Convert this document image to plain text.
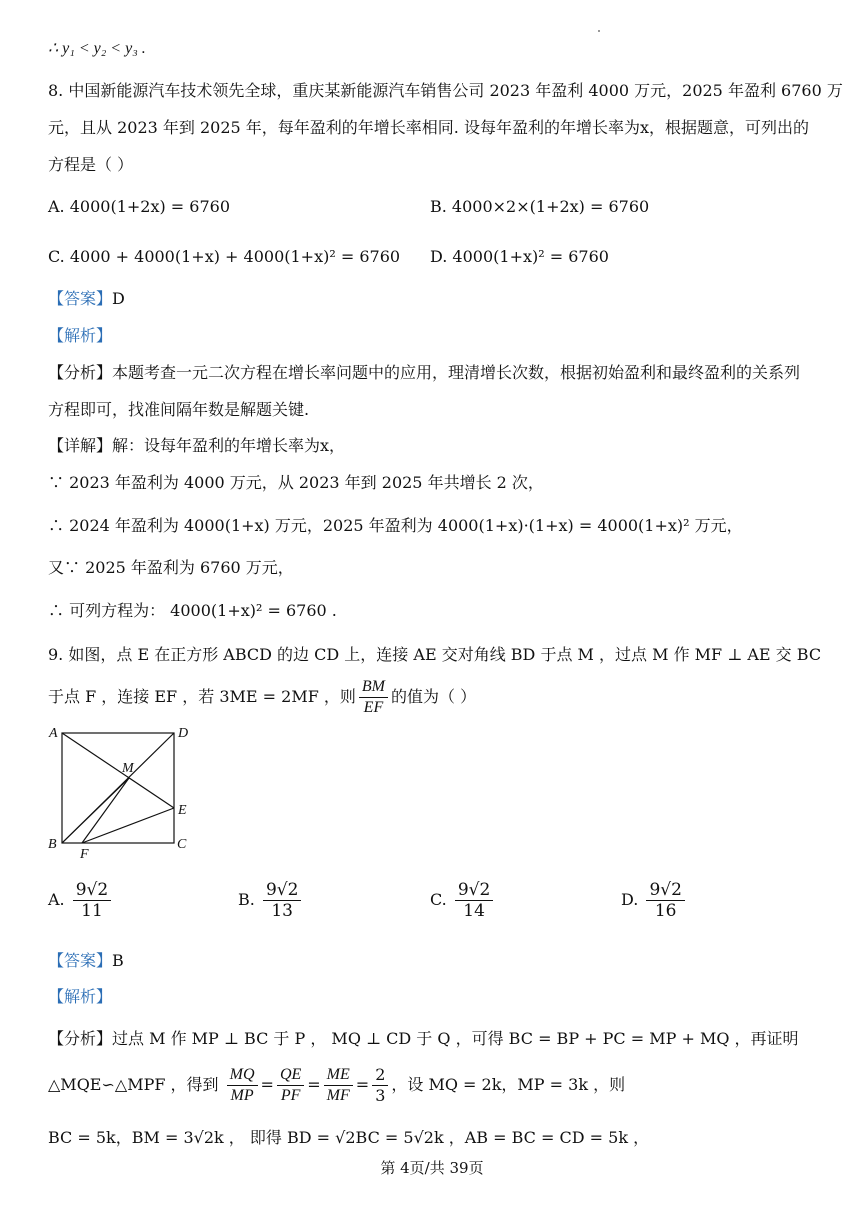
∴ y₁ < y₂ < y₃ .
8. 中国新能源汽车技术领先全球，重庆某新能源汽车销售公司 2023 年盈利 4000 万元，2025 年盈利 6760 万
元，且从 2023 年到 2025 年，每年盈利的年增长率相同. 设每年盈利的年增长率为x，根据题意，可列出的
方程是（ ）
A. 4000(1+2x) = 6760	B. 4000×2×(1+2x) = 6760
C. 4000 + 4000(1+x) + 4000(1+x)² = 6760 D. 4000(1+x)² = 6760
【答案】D
【解析】
【分析】本题考查一元二次方程在增长率问题中的应用，理清增长次数，根据初始盈利和最终盈利的关系列
方程即可，找准间隔年数是解题关键.
【详解】解：设每年盈利的年增长率为x，
∵ 2023 年盈利为 4000 万元，从 2023 年到 2025 年共增长 2 次，
∴ 2024 年盈利为 4000(1+x) 万元，2025 年盈利为 4000(1+x)·(1+x) = 4000(1+x)² 万元，
又∵ 2025 年盈利为 6760 万元，
∴ 可列方程为： 4000(1+x)² = 6760 .
9. 如图，点 E 在正方形 ABCD 的边 CD 上，连接 AE 交对角线 BD 于点 M ，过点 M 作 MF ⊥ AE 交 BC
于点 F ，连接 EF ，若 3ME = 2MF ，则 $\frac{BM}{EF}$ 的值为（ ）
A	D
M
E
B
F
C
A. $\frac{9√2}{11}$	B. $\frac{9√2}{13}$	C. $\frac{9√2}{14}$	D. $\frac{9√2}{16}$
【答案】B
【解析】
【分析】过点 M 作 MP ⊥ BC 于 P ， MQ ⊥ CD 于 Q ，可得 BC = BP + PC = MP + MQ ，再证明
△MQE∽△MPF ，得到 $\frac{MQ}{MP} = \frac{QE}{PF} = \frac{ME}{MF} = \frac{2}{3}$ ，设 MQ = 2k，MP = 3k ，则
BC = 5k，BM = 3√2k ， 即得 BD = √2BC = 5√2k ，AB = BC = CD = 5k ，
第 4页/共 39页
